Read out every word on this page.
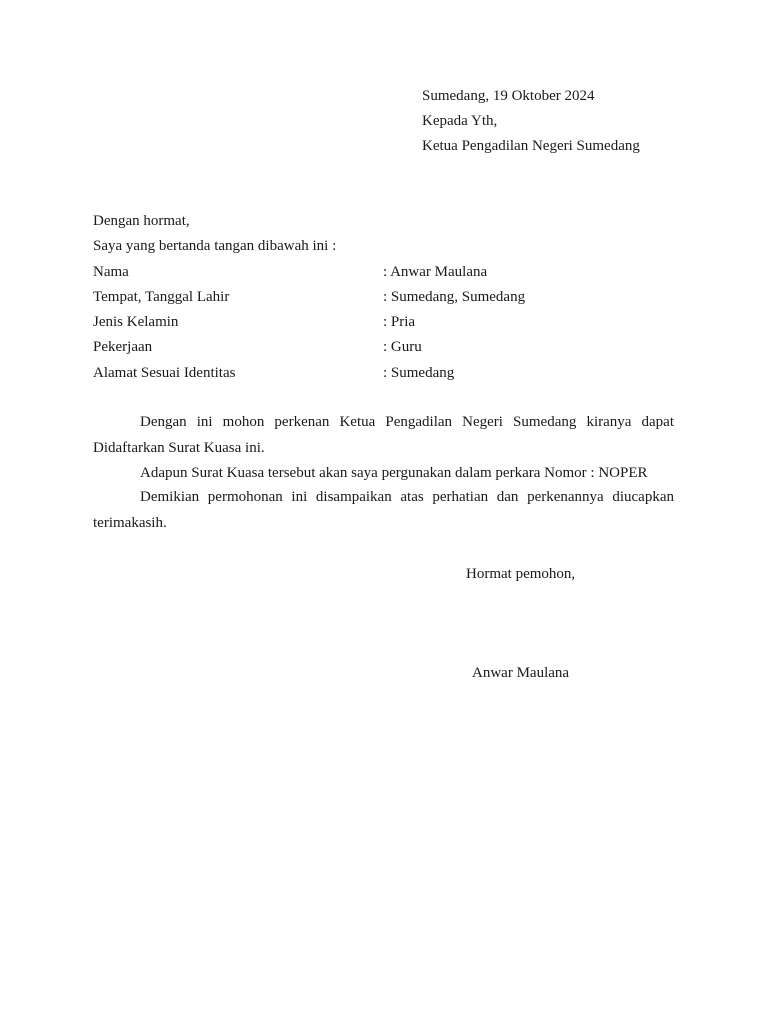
Sumedang, 19 Oktober 2024
Kepada Yth,
Ketua Pengadilan Negeri Sumedang
Dengan hormat,
Saya yang bertanda tangan dibawah ini :
Nama	: Anwar Maulana
Tempat, Tanggal Lahir	: Sumedang, Sumedang
Jenis Kelamin	: Pria
Pekerjaan	: Guru
Alamat Sesuai Identitas	: Sumedang
Dengan ini mohon perkenan Ketua Pengadilan Negeri Sumedang kiranya dapat Didaftarkan Surat Kuasa ini.
Adapun Surat Kuasa tersebut akan saya pergunakan dalam perkara Nomor : NOPER
Demikian permohonan ini disampaikan atas perhatian dan perkenannya diucapkan terimakasih.
Hormat pemohon,
Anwar Maulana
